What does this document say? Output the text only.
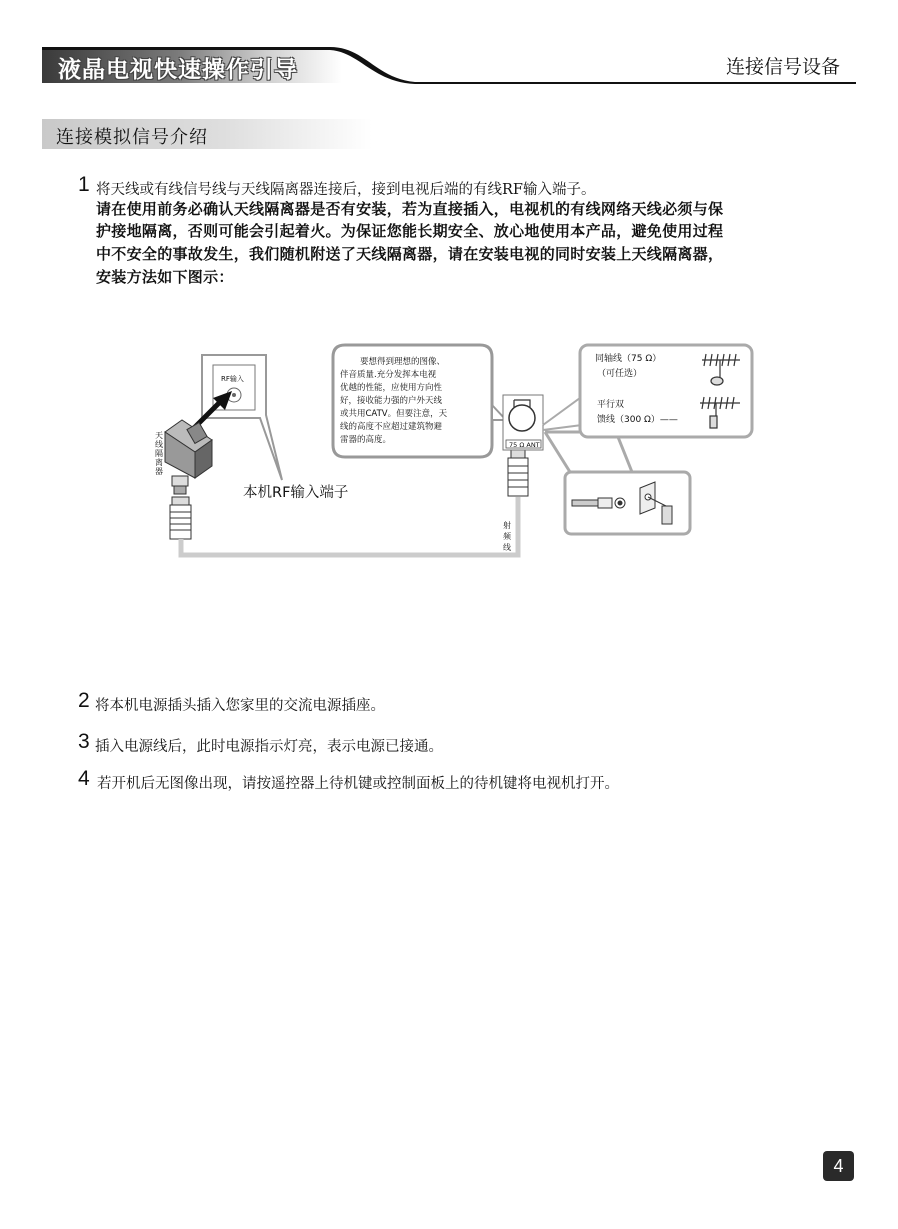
液晶电视快速操作引导	连接信号设备
连接模拟信号介绍
1 将天线或有线信号线与天线隔离器连接后，接到电视后端的有线RF输入端子。
请在使用前务必确认天线隔离器是否有安装，若为直接插入，电视机的有线网络天线必须与保
护接地隔离，否则可能会引起着火。为保证您能长期安全、放心地使用本产品，避免使用过程
中不安全的事故发生，我们随机附送了天线隔离器，请在安装电视的同时安装上天线隔离器，
安装方法如下图示：
RF输入
天
线
隔
离
器
本机RF输入端子
射
频
线
要想得到理想的图像、
伴音质量.充分发挥本电视
优越的性能，应使用方向性
好，接收能力强的户外天线
或共用CATV。但要注意，天
线的高度不应超过建筑物避
雷器的高度。	75 Ω ANT
同轴线（75 Ω）
（可任选）
平行双
馈线（300 Ω）——
2 将本机电源插头插入您家里的交流电源插座。
3 插入电源线后，此时电源指示灯亮，表示电源已接通。
4 若开机后无图像出现，请按遥控器上待机键或控制面板上的待机键将电视机打开。
4
